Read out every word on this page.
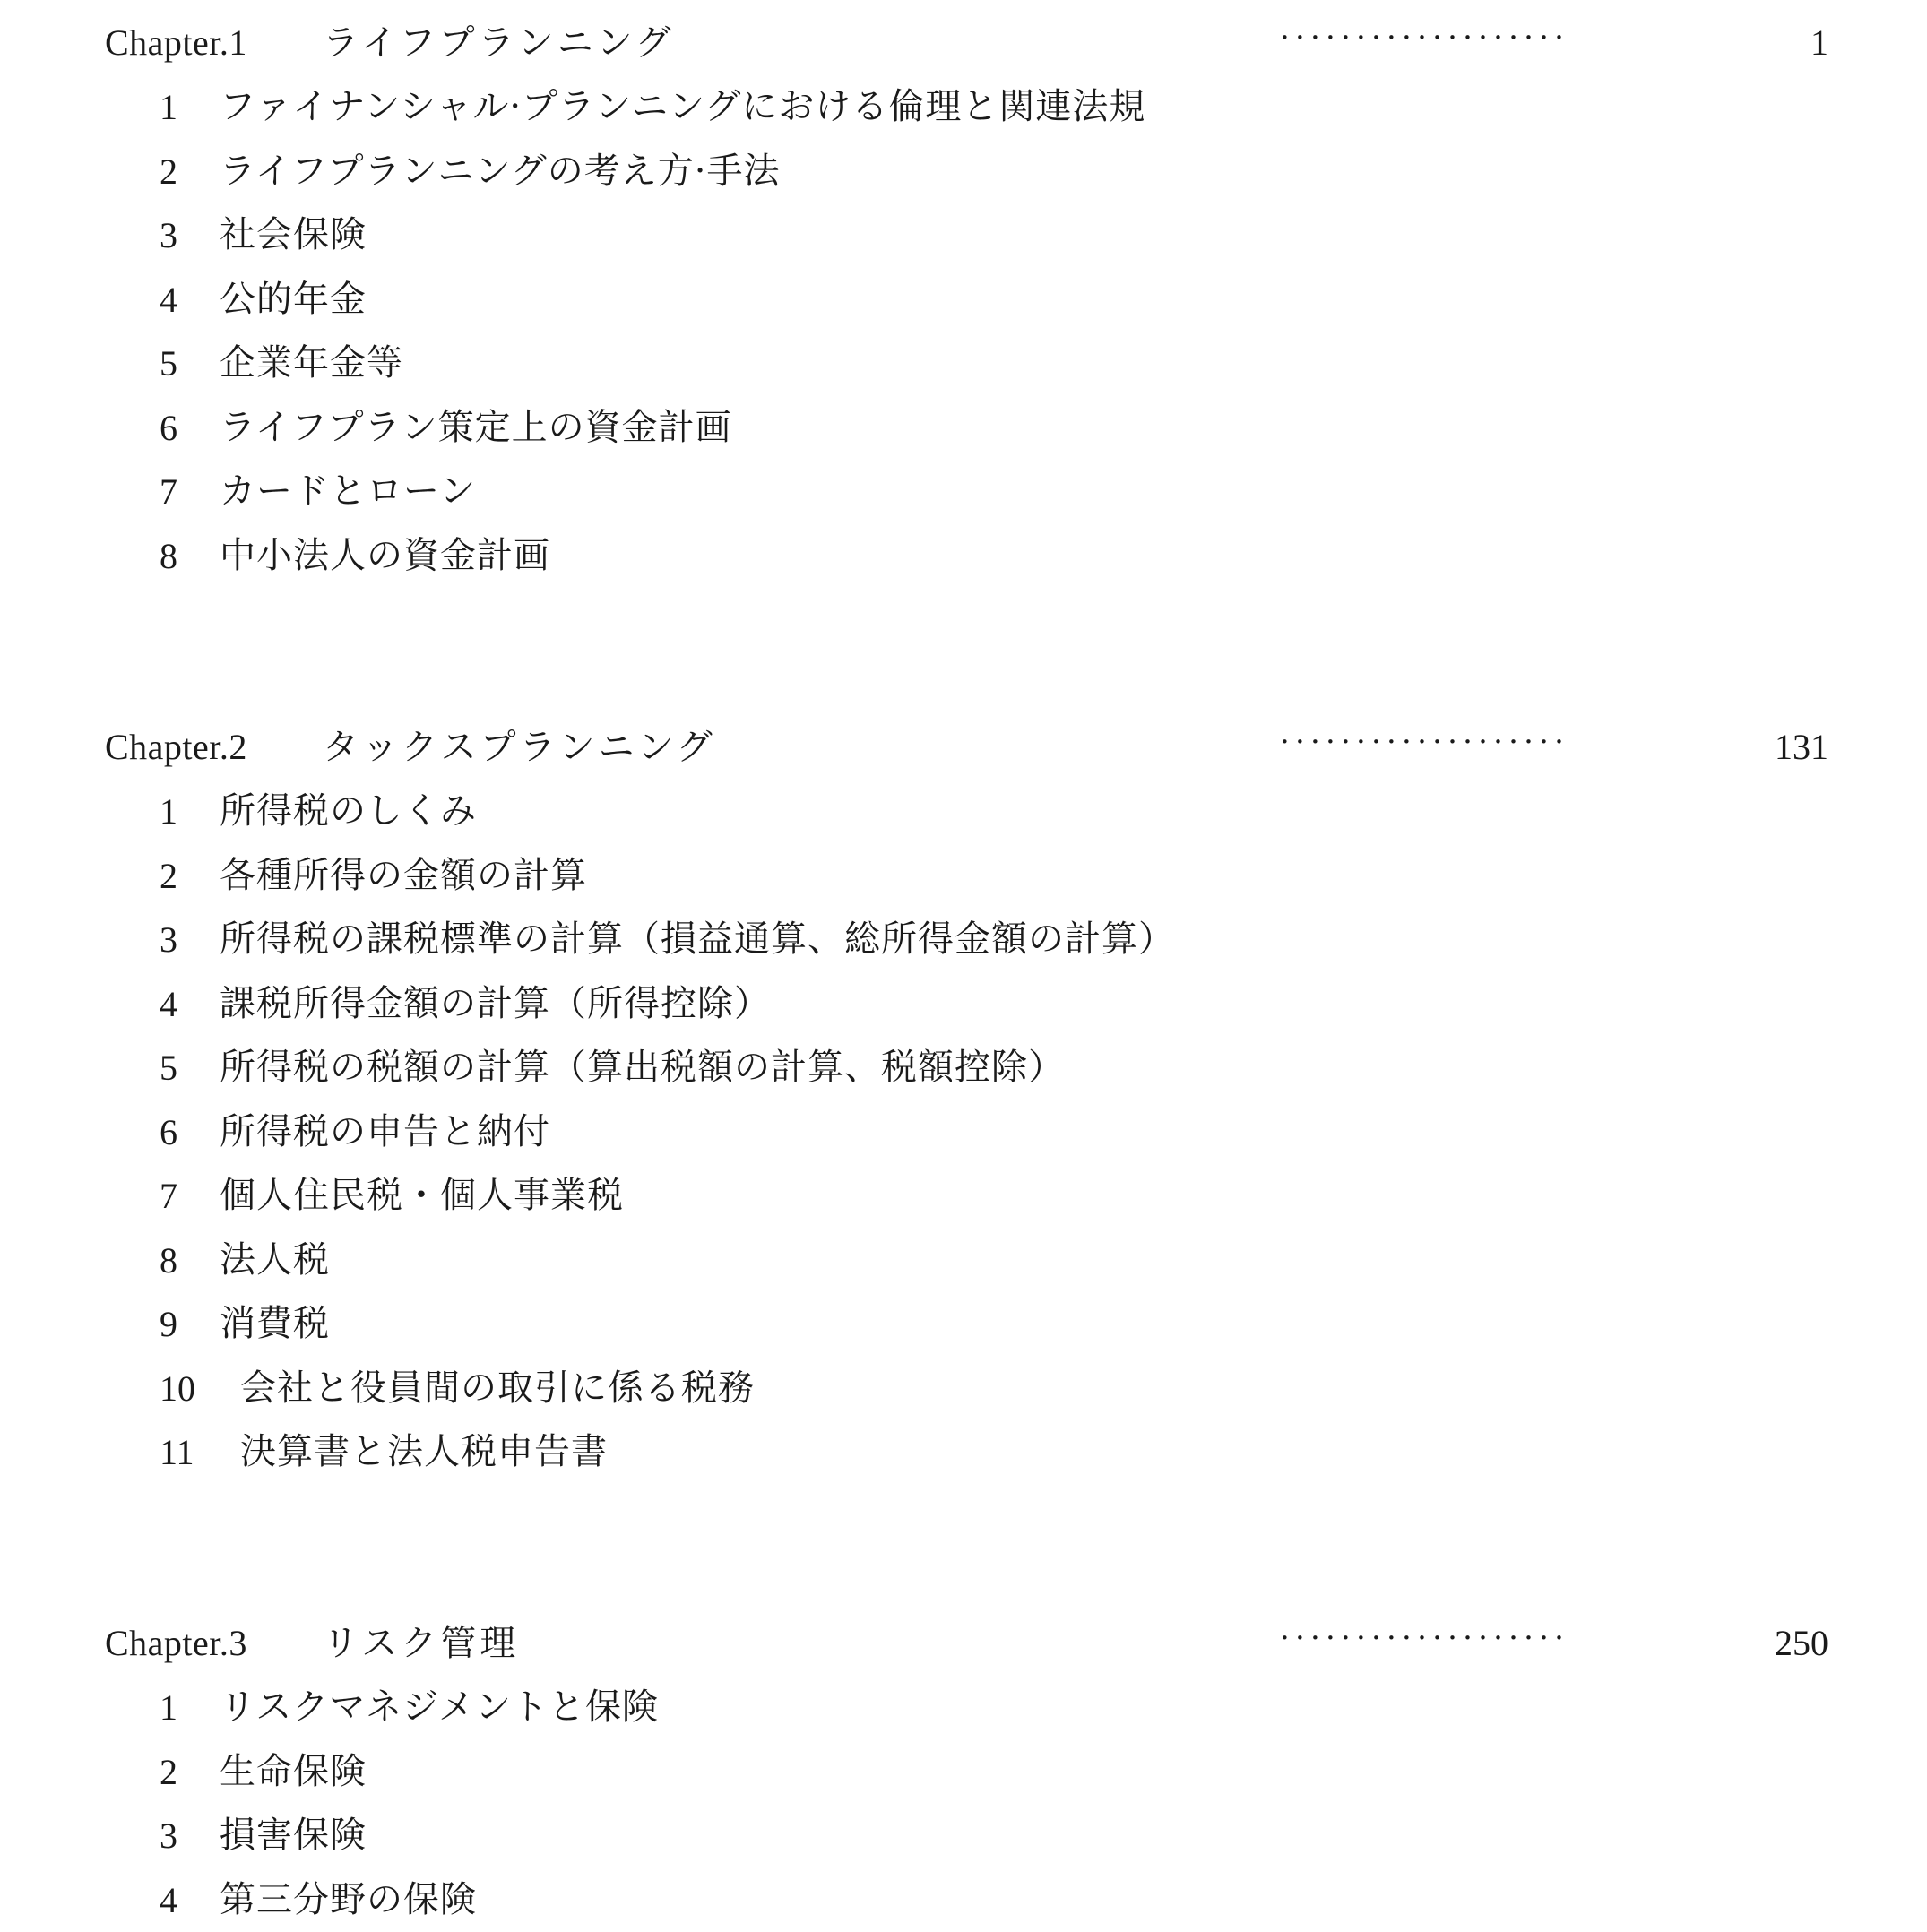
Chapter.1 ライフプランニング	···················	1
1 ファイナンシャル·プランニングにおける倫理と関連法規
2 ライフプランニングの考え方·手法
3 社会保険
4 公的年金
5 企業年金等
6 ライフプラン策定上の資金計画
7 カードとローン
8 中小法人の資金計画
Chapter.2 タックスプランニング	···················	131
1 所得税のしくみ
2 各種所得の金額の計算
3 所得税の課税標準の計算（損益通算、総所得金額の計算）
4 課税所得金額の計算（所得控除）
5 所得税の税額の計算（算出税額の計算、税額控除）
6 所得税の申告と納付
7 個人住民税・個人事業税
8 法人税
9 消費税
10 会社と役員間の取引に係る税務
11 決算書と法人税申告書
Chapter.3 リスク管理	···················	250
1 リスクマネジメントと保険
2 生命保険
3 損害保険
4 第三分野の保険
